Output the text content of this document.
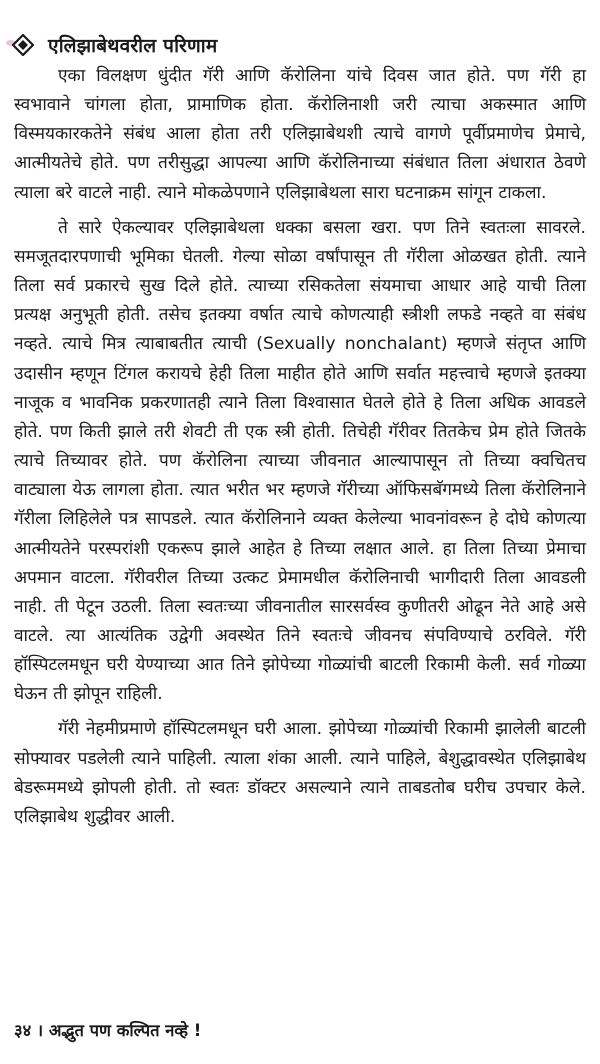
एलिझाबेथवरील परिणाम

एका विलक्षण धुंदीत गॅरी आणि कॅरोलिना यांचे दिवस जात होते. पण गॅरी हा स्वभावाने चांगला होता, प्रामाणिक होता. कॅरोलिनाशी जरी त्याचा अकस्मात आणि विस्मयकारकतेने संबंध आला होता तरी एलिझाबेथशी त्याचे वागणे पूर्वीप्रमाणेच प्रेमाचे, आत्मीयतेचे होते. पण तरीसुद्धा आपल्या आणि कॅरोलिनाच्या संबंधात तिला अंधारात ठेवणे त्याला बरे वाटले नाही. त्याने मोकळेपणाने एलिझाबेथला सारा घटनाक्रम सांगून टाकला.

ते सारे ऐकल्यावर एलिझाबेथला धक्का बसला खरा. पण तिने स्वतःला सावरले. समजूतदारपणाची भूमिका घेतली. गेल्या सोळा वर्षांपासून ती गॅरीला ओळखत होती. त्याने तिला सर्व प्रकारचे सुख दिले होते. त्याच्या रसिकतेला संयमाचा आधार आहे याची तिला प्रत्यक्ष अनुभूती होती. तसेच इतक्या वर्षात त्याचे कोणत्याही स्त्रीशी लफडे नव्हते वा संबंध नव्हते. त्याचे मित्र त्याबाबतीत त्याची (Sexually nonchalant) म्हणजे संतृप्त आणि उदासीन म्हणून टिंगल करायचे हेही तिला माहीत होते आणि सर्वात महत्त्वाचे म्हणजे इतक्या नाजूक व भावनिक प्रकरणातही त्याने तिला विश्वासात घेतले होते हे तिला अधिक आवडले होते. पण किती झाले तरी शेवटी ती एक स्त्री होती. तिचेही गॅरीवर तितकेच प्रेम होते जितके त्याचे तिच्यावर होते. पण कॅरोलिना त्याच्या जीवनात आल्यापासून तो तिच्या क्वचितच वाट्याला येऊ लागला होता. त्यात भरीत भर म्हणजे गॅरीच्या ऑफिसबॅगमध्ये तिला कॅरोलिनाने गॅरीला लिहिलेले पत्र सापडले. त्यात कॅरोलिनाने व्यक्त केलेल्या भावनांवरून हे दोघे कोणत्या आत्मीयतेने परस्परांशी एकरूप झाले आहेत हे तिच्या लक्षात आले. हा तिला तिच्या प्रेमाचा अपमान वाटला. गॅरीवरील तिच्या उत्कट प्रेमामधील कॅरोलिनाची भागीदारी तिला आवडली नाही. ती पेटून उठली. तिला स्वतःच्या जीवनातील सारसर्वस्व कुणीतरी ओढून नेते आहे असे वाटले. त्या आत्यंतिक उद्वेगी अवस्थेत तिने स्वतःचे जीवनच संपविण्याचे ठरविले. गॅरी हॉस्पिटलमधून घरी येण्याच्या आत तिने झोपेच्या गोळ्यांची बाटली रिकामी केली. सर्व गोळ्या घेऊन ती झोपून राहिली.

गॅरी नेहमीप्रमाणे हॉस्पिटलमधून घरी आला. झोपेच्या गोळ्यांची रिकामी झालेली बाटली सोफ्यावर पडलेली त्याने पाहिली. त्याला शंका आली. त्याने पाहिले, बेशुद्धावस्थेत एलिझाबेथ बेडरूममध्ये झोपली होती. तो स्वतः डॉक्टर असल्याने त्याने ताबडतोब घरीच उपचार केले. एलिझाबेथ शुद्धीवर आली.

३४ । अद्भुत पण कल्पित नव्हे !
